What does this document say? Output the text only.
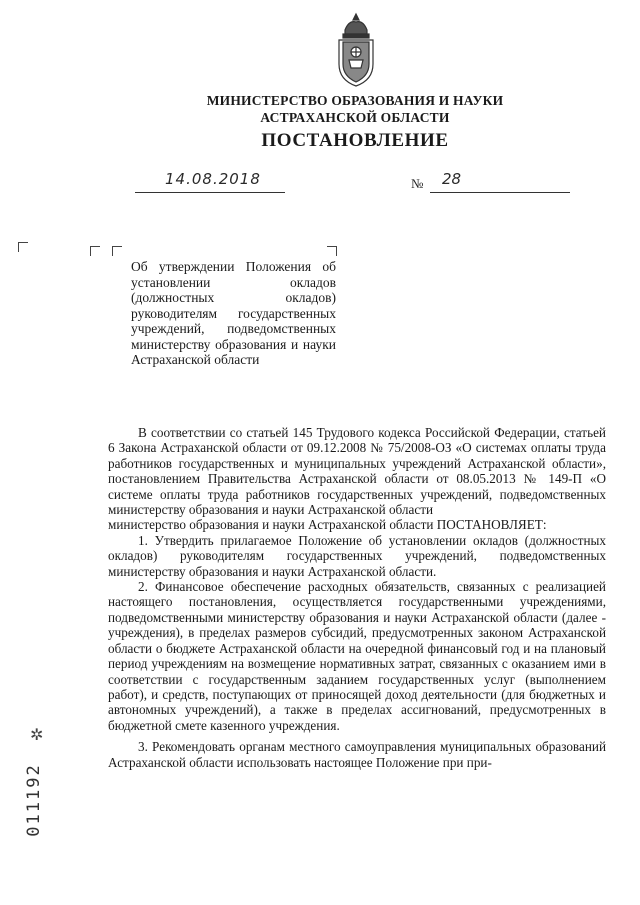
МИНИСТЕРСТВО ОБРАЗОВАНИЯ И НАУКИ
АСТРАХАНСКОЙ ОБЛАСТИ
ПОСТАНОВЛЕНИЕ
14.08.2018	№ 28
Об утверждении Положения об установлении окладов (должностных окладов) руководителям государственных учреждений, подведомственных министерству образования и науки Астраханской области

В соответствии со статьей 145 Трудового кодекса Российской Федерации, статьей 6 Закона Астраханской области от 09.12.2008 № 75/2008-ОЗ «О системах оплаты труда работников государственных и муниципальных учреждений Астраханской области», постановлением Правительства Астраханской области от 08.05.2013 № 149-П «О системе оплаты труда работников государственных учреждений, подведомственных министерству образования и науки Астраханской области

министерство образования и науки Астраханской области ПОСТАНОВЛЯЕТ:

1. Утвердить прилагаемое Положение об установлении окладов (должностных окладов) руководителям государственных учреждений, подведомственных министерству образования и науки Астраханской области.

2. Финансовое обеспечение расходных обязательств, связанных с реализацией настоящего постановления, осуществляется государственными учреждениями, подведомственными министерству образования и науки Астраханской области (далее - учреждения), в пределах размеров субсидий, предусмотренных законом Астраханской области о бюджете Астраханской области на очередной финансовый год и на плановый период учреждениям на возмещение нормативных затрат, связанных с оказанием ими в соответствии с государственным заданием государственных услуг (выполнением работ), и средств, поступающих от приносящей доход деятельности (для бюджетных и автономных учреждений), а также в пределах ассигнований, предусмотренных в бюджетной смете казенного учреждения.

3. Рекомендовать органам местного самоуправления муниципальных образований Астраханской области использовать настоящее Положение при при-

✲
011192
